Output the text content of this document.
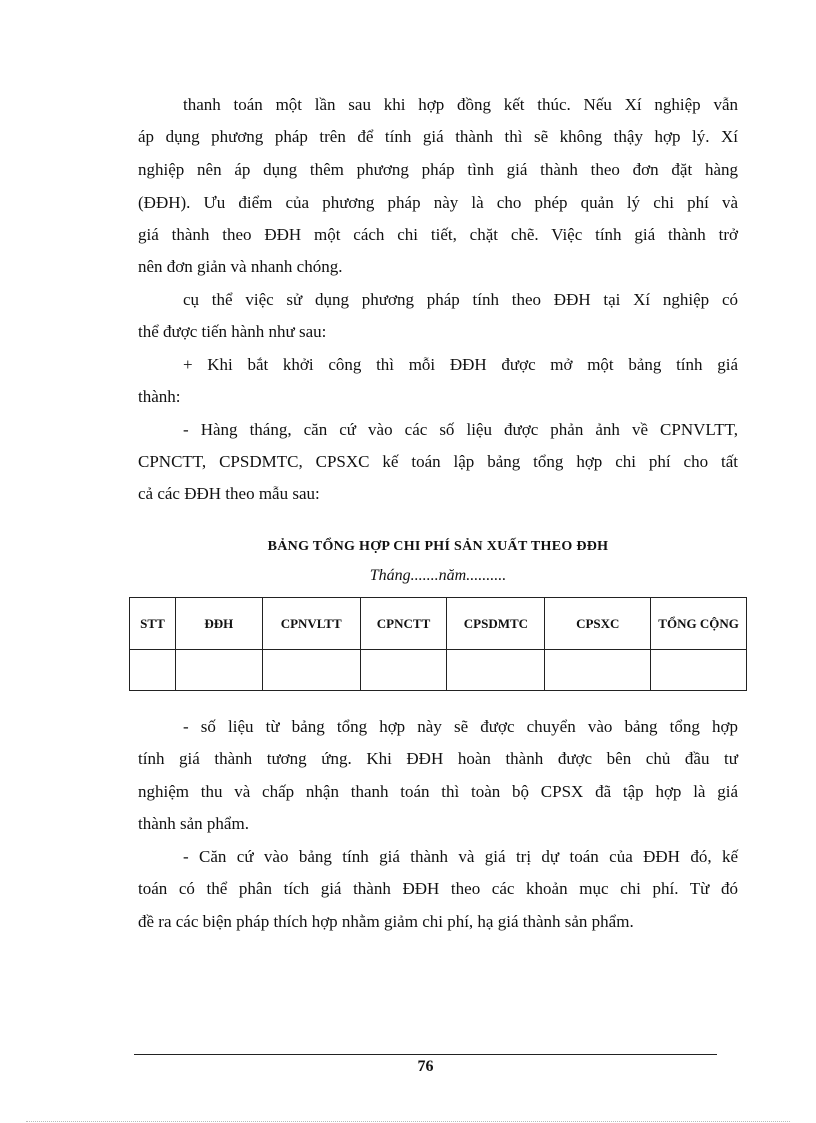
thanh toán một lần sau khi hợp đồng kết thúc. Nếu Xí nghiệp vẫn
áp dụng phương pháp trên để tính giá thành thì sẽ không thậy hợp lý. Xí
nghiệp nên áp dụng thêm phương pháp tình giá thành theo đơn đặt hàng
(ĐĐH). Ưu điểm của phương pháp này là cho phép quản lý chi phí và
giá thành theo ĐĐH một cách chi tiết, chặt chẽ. Việc tính giá thành trở
nên đơn giản và nhanh chóng.
cụ thể việc sử dụng phương pháp tính theo ĐĐH tại Xí nghiệp có
thể được tiến hành như sau:
+ Khi bắt khởi công thì mỗi ĐĐH được mở một bảng tính giá
thành:
- Hàng tháng, căn cứ vào các số liệu được phản ảnh về CPNVLTT,
CPNCTT, CPSDMTC, CPSXC kế toán lập bảng tổng hợp chi phí cho tất
cả các ĐĐH theo mẫu sau:
BẢNG TỔNG HỢP CHI PHÍ SẢN XUẤT THEO ĐĐH
Tháng.......năm..........
STT	ĐĐH	CPNVLTT	CPNCTT	CPSDMTC	CPSXC	TỔNG CỘNG

- số liệu từ bảng tổng hợp này sẽ được chuyển vào bảng tổng hợp
tính giá thành tương ứng. Khi ĐĐH hoàn thành được bên chủ đầu tư
nghiệm thu và chấp nhận thanh toán thì toàn bộ CPSX đã tập hợp là giá
thành sản phẩm.
- Căn cứ vào bảng tính giá thành và giá trị dự toán của ĐĐH đó, kế
toán có thể phân tích giá thành ĐĐH theo các khoản mục chi phí. Từ đó
đề ra các biện pháp thích hợp nhằm giảm chi phí, hạ giá thành sản phẩm.
76
